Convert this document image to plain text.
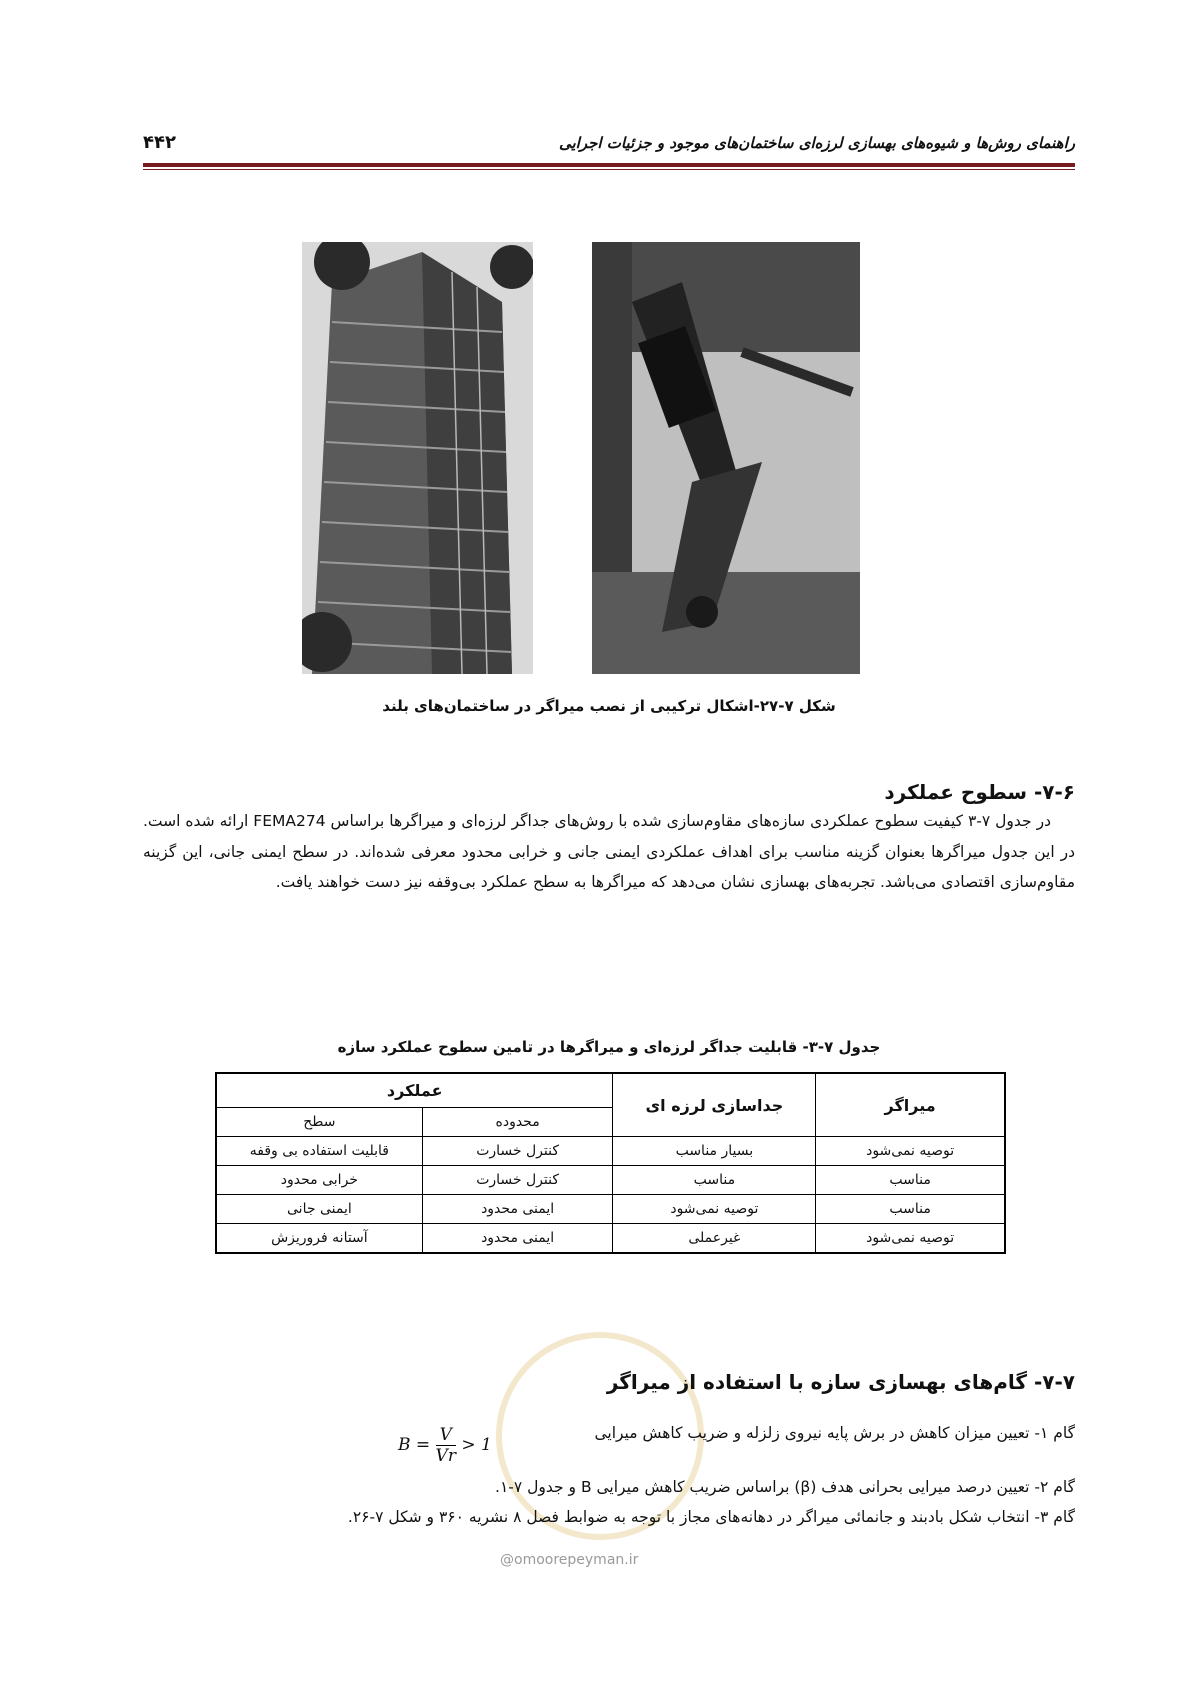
راهنمای روش‌ها و شیوه‌های بهسازی لرزه‌ای ساختمان‌های موجود و جزئیات اجرایی
۴۴۲
شکل ۷-۲۷-اشکال ترکیبی از نصب میراگر در ساختمان‌های بلند
۷-۶- سطوح عملکرد

در جدول ۷-۳ کیفیت سطوح عملکردی سازه‌های مقاوم‌سازی شده با روش‌های جداگر لرزه‌ای و میراگرها براساس FEMA274 ارائه شده است. در این جدول میراگرها بعنوان گزینه مناسب برای اهداف عملکردی ایمنی جانی و خرابی محدود معرفی شده‌اند. در سطح ایمنی جانی، این گزینه مقاوم‌سازی اقتصادی می‌باشد. تجربه‌های بهسازی نشان می‌دهد که میراگرها به سطح عملکرد بی‌وقفه نیز دست خواهند یافت.

جدول ۷-۳- قابلیت جداگر لرزه‌ای و میراگرها در تامین سطوح عملکرد سازه
میراگر	جداسازی لرزه ای	عملکرد	
		محدوده	سطح
توصیه نمی‌شود	بسیار مناسب	کنترل خسارت	قابلیت استفاده بی وقفه
مناسب	مناسب	کنترل خسارت	خرابی محدود
مناسب	توصیه نمی‌شود	ایمنی محدود	ایمنی جانی
توصیه نمی‌شود	غیرعملی	ایمنی محدود	آستانه فروریزش
۷-۷- گام‌های بهسازی سازه با استفاده از میراگر
گام ۱- تعیین میزان کاهش در برش پایه نیروی زلزله و ضریب کاهش میرایی
$B = \frac{V}{Vr} > 1$
گام ۲- تعیین درصد میرایی بحرانی هدف (β) براساس ضریب کاهش میرایی B و جدول ۷-۱.
گام ۳- انتخاب شکل بادبند و جانمائی میراگر در دهانه‌های مجاز با توجه به ضوابط فصل ۸ نشریه ۳۶۰ و شکل ۷-۲۶.
@omoorepeyman.ir
